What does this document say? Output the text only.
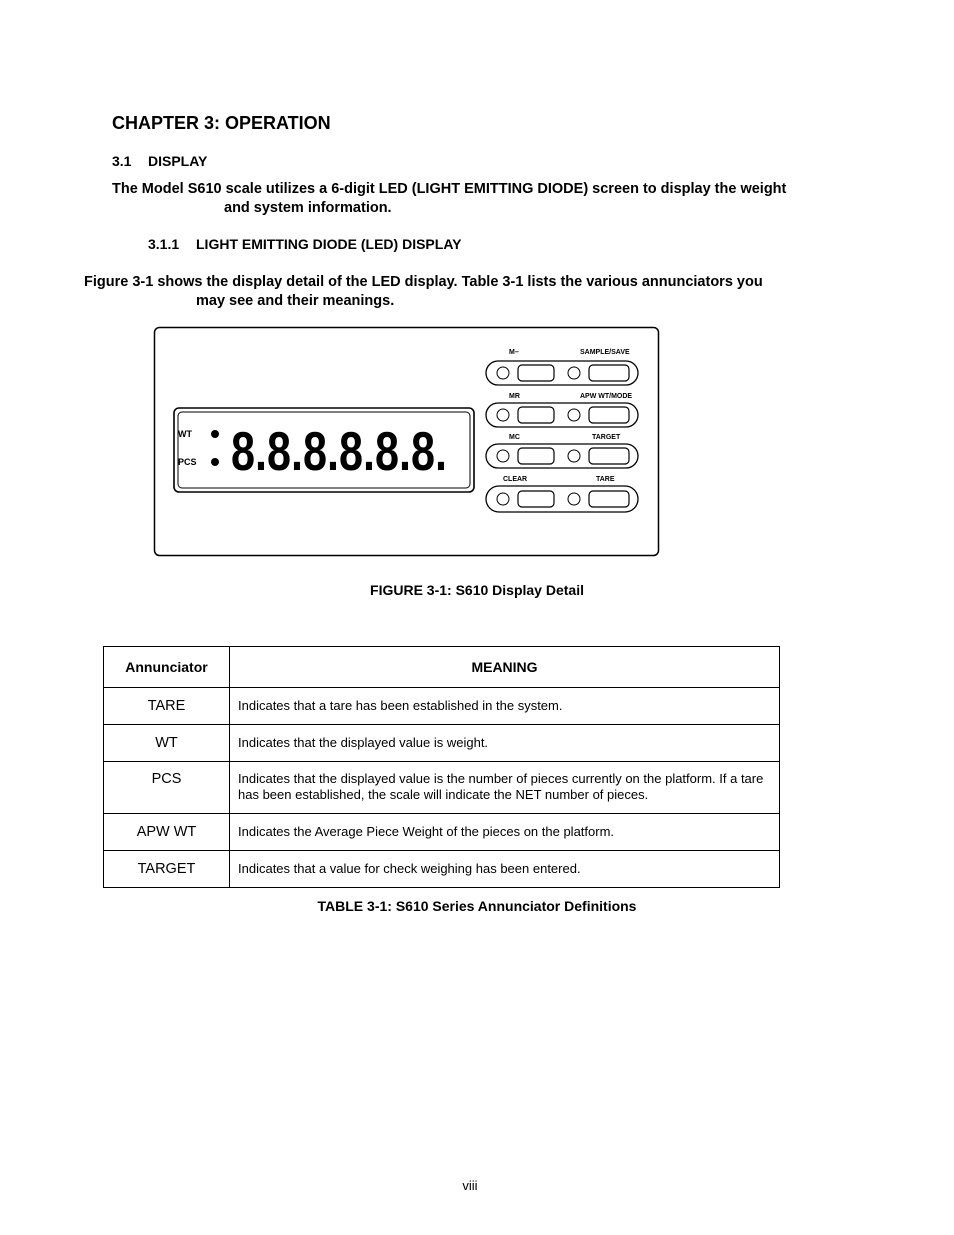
CHAPTER 3: OPERATION
3.1 DISPLAY
The Model S610 scale utilizes a 6-digit LED (LIGHT EMITTING DIODE) screen to display the weight
and system information.
3.1.1 LIGHT EMITTING DIODE (LED) DISPLAY
Figure 3-1 shows the display detail of the LED display. Table 3-1 lists the various annunciators you
may see and their meanings.
WT
PCS 8.8.8.8.8.8.
M–	SAMPLE/SAVE
MR	APW WT/MODE
MC	TARGET
CLEAR	TARE
FIGURE 3-1: S610 Display Detail
Annunciator	MEANING
TARE	Indicates that a tare has been established in the system.
WT	Indicates that the displayed value is weight.
PCS	Indicates that the displayed value is the number of pieces currently on the platform. If a tare has been established, the scale will indicate the NET number of pieces.
APW WT	Indicates the Average Piece Weight of the pieces on the platform.
TARGET	Indicates that a value for check weighing has been entered.
TABLE 3-1: S610 Series Annunciator Definitions
viii
